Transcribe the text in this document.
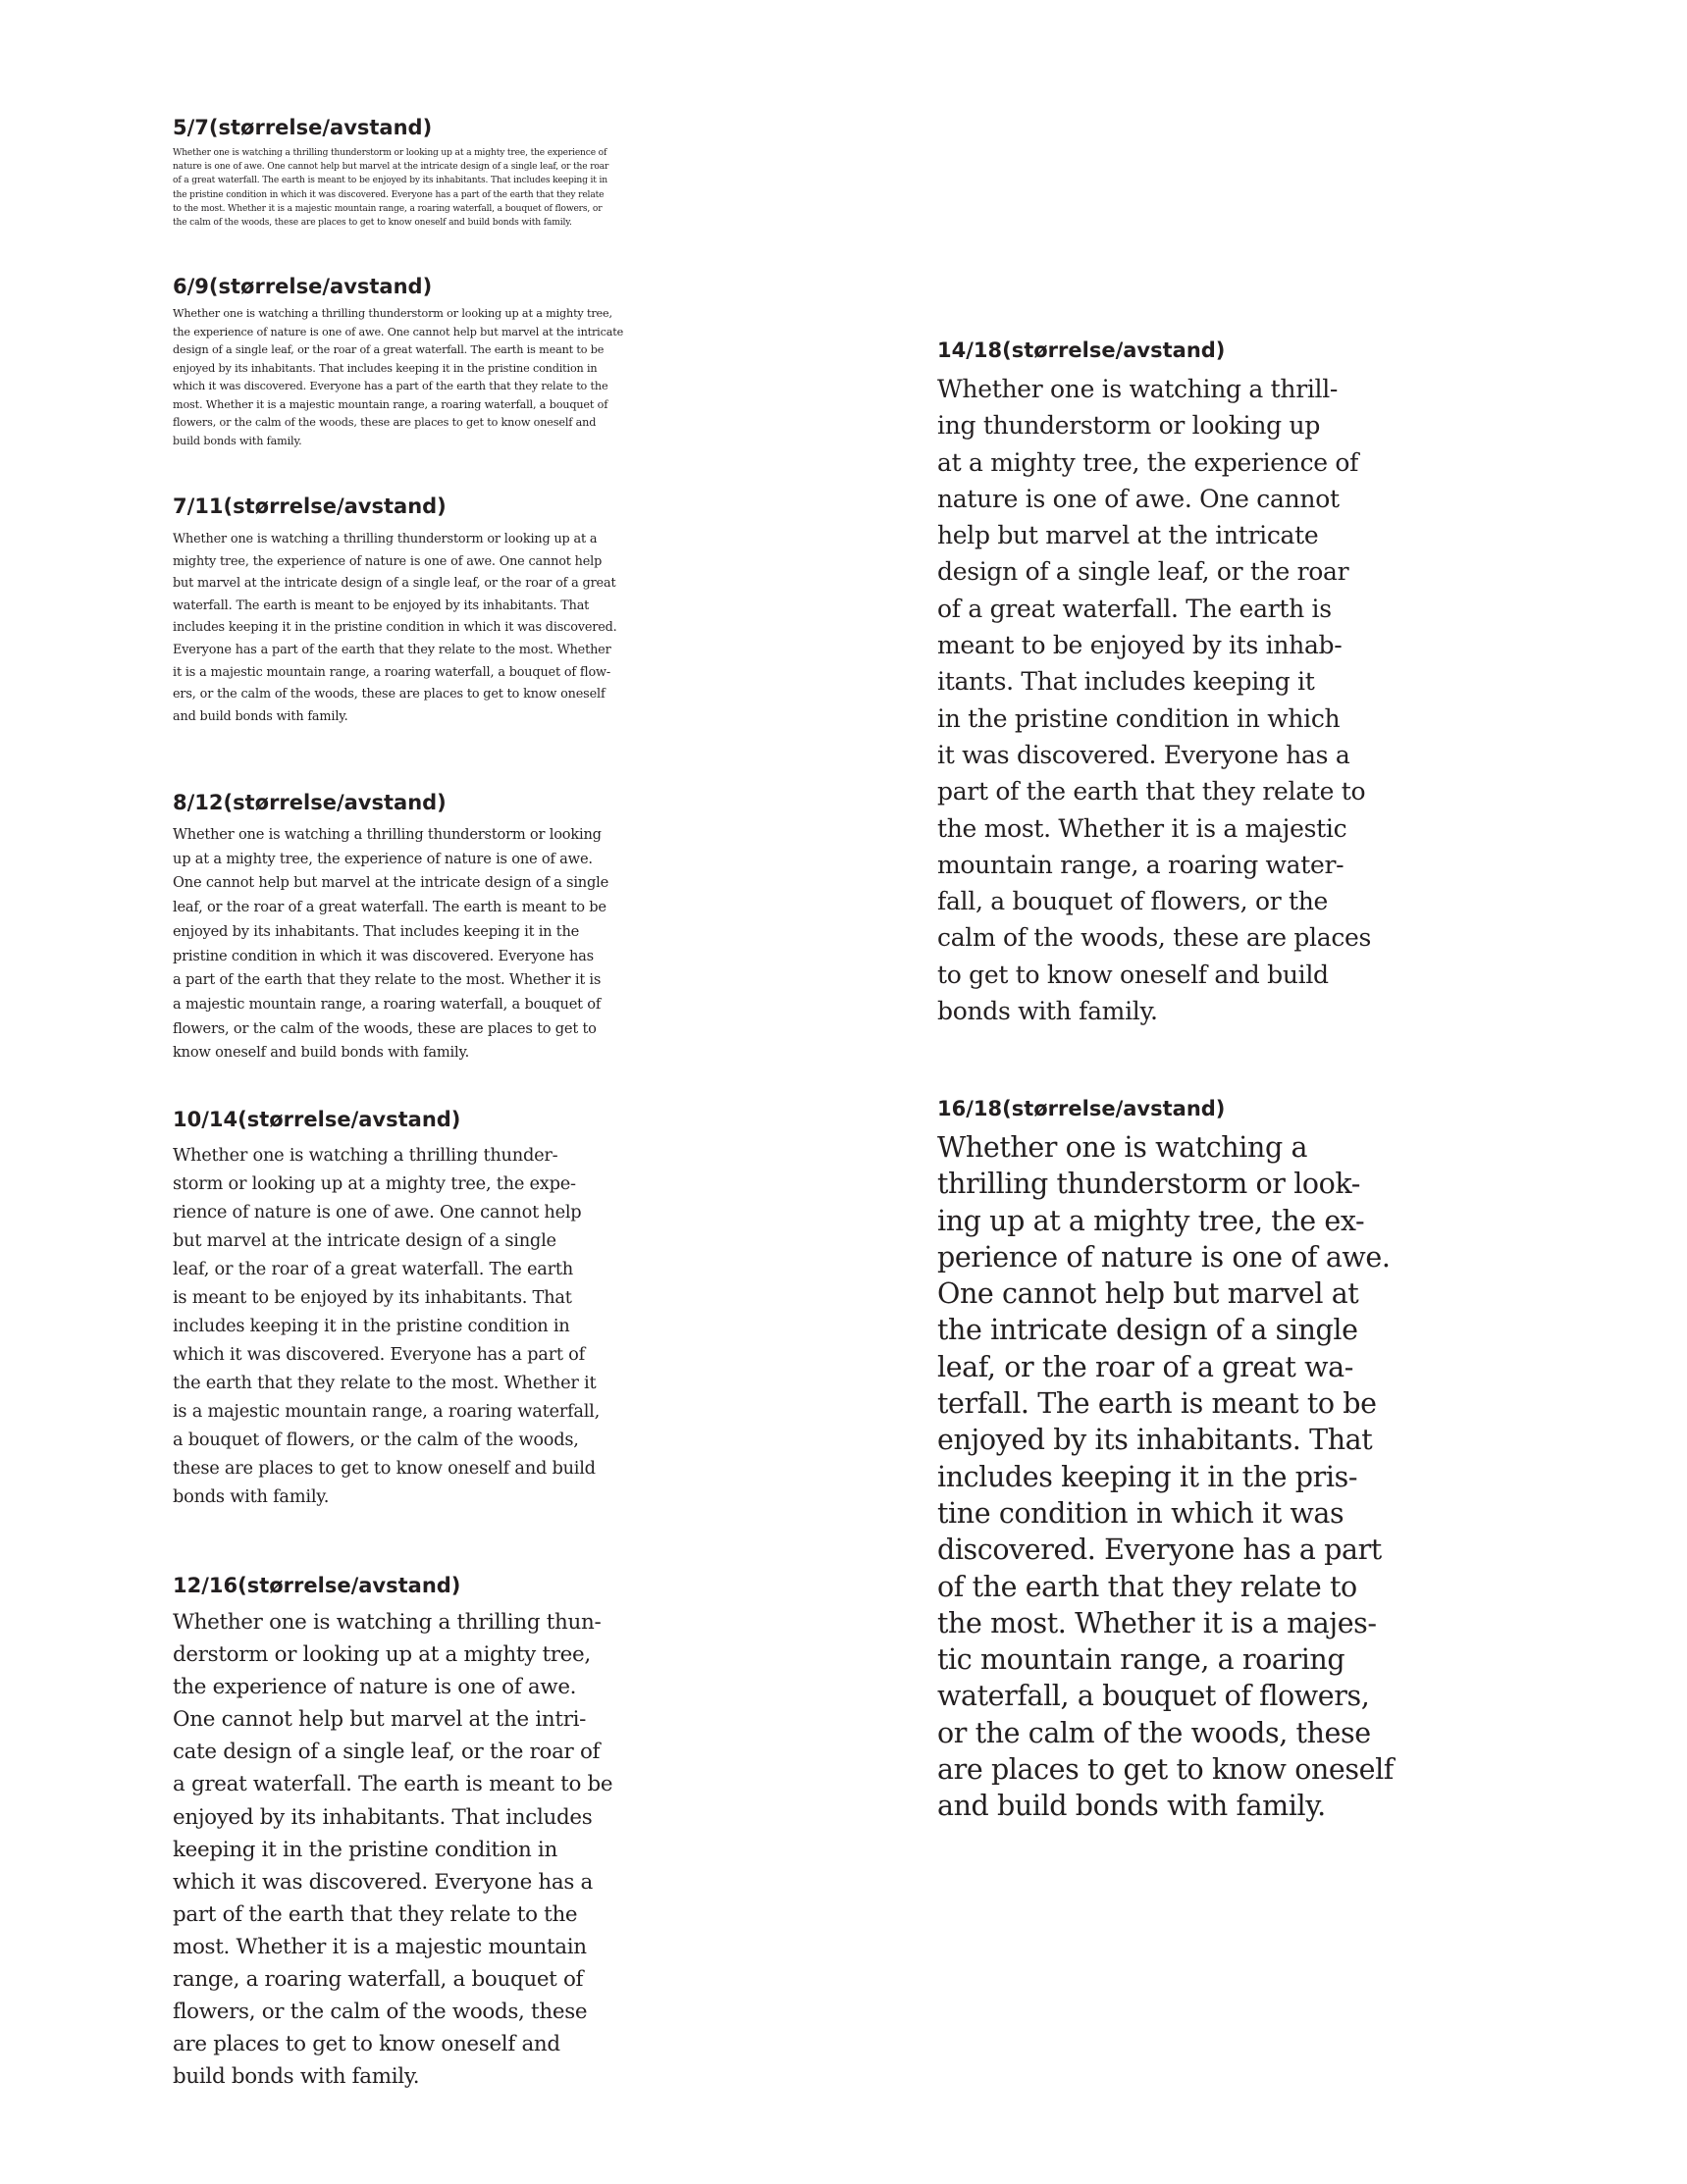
5/7(størrelse/avstand)

Whether one is watching a thrilling thunderstorm or looking up at a mighty tree, the experience of
nature is one of awe. One cannot help but marvel at the intricate design of a single leaf, or the roar
of a great waterfall. The earth is meant to be enjoyed by its inhabitants. That includes keeping it in
the pristine condition in which it was discovered. Everyone has a part of the earth that they relate
to the most. Whether it is a majestic mountain range, a roaring waterfall, a bouquet of flowers, or
the calm of the woods, these are places to get to know oneself and build bonds with family.

6/9(størrelse/avstand)

Whether one is watching a thrilling thunderstorm or looking up at a mighty tree,
the experience of nature is one of awe. One cannot help but marvel at the intricate
design of a single leaf, or the roar of a great waterfall. The earth is meant to be
enjoyed by its inhabitants. That includes keeping it in the pristine condition in
which it was discovered. Everyone has a part of the earth that they relate to the
most. Whether it is a majestic mountain range, a roaring waterfall, a bouquet of
flowers, or the calm of the woods, these are places to get to know oneself and
build bonds with family.

7/11(størrelse/avstand)

Whether one is watching a thrilling thunderstorm or looking up at a
mighty tree, the experience of nature is one of awe. One cannot help
but marvel at the intricate design of a single leaf, or the roar of a great
waterfall. The earth is meant to be enjoyed by its inhabitants. That
includes keeping it in the pristine condition in which it was discovered.
Everyone has a part of the earth that they relate to the most. Whether
it is a majestic mountain range, a roaring waterfall, a bouquet of flow-
ers, or the calm of the woods, these are places to get to know oneself
and build bonds with family.

8/12(størrelse/avstand)

Whether one is watching a thrilling thunderstorm or looking
up at a mighty tree, the experience of nature is one of awe.
One cannot help but marvel at the intricate design of a single
leaf, or the roar of a great waterfall. The earth is meant to be
enjoyed by its inhabitants. That includes keeping it in the
pristine condition in which it was discovered. Everyone has
a part of the earth that they relate to the most. Whether it is
a majestic mountain range, a roaring waterfall, a bouquet of
flowers, or the calm of the woods, these are places to get to
know oneself and build bonds with family.

10/14(størrelse/avstand)

Whether one is watching a thrilling thunder-
storm or looking up at a mighty tree, the expe-
rience of nature is one of awe. One cannot help
but marvel at the intricate design of a single
leaf, or the roar of a great waterfall. The earth
is meant to be enjoyed by its inhabitants. That
includes keeping it in the pristine condition in
which it was discovered. Everyone has a part of
the earth that they relate to the most. Whether it
is a majestic mountain range, a roaring waterfall,
a bouquet of flowers, or the calm of the woods,
these are places to get to know oneself and build
bonds with family.

12/16(størrelse/avstand)

Whether one is watching a thrilling thun-
derstorm or looking up at a mighty tree,
the experience of nature is one of awe.
One cannot help but marvel at the intri-
cate design of a single leaf, or the roar of
a great waterfall. The earth is meant to be
enjoyed by its inhabitants. That includes
keeping it in the pristine condition in
which it was discovered. Everyone has a
part of the earth that they relate to the
most. Whether it is a majestic mountain
range, a roaring waterfall, a bouquet of
flowers, or the calm of the woods, these
are places to get to know oneself and
build bonds with family.

14/18(størrelse/avstand)

Whether one is watching a thrill-
ing thunderstorm or looking up
at a mighty tree, the experience of
nature is one of awe. One cannot
help but marvel at the intricate
design of a single leaf, or the roar
of a great waterfall. The earth is
meant to be enjoyed by its inhab-
itants. That includes keeping it
in the pristine condition in which
it was discovered. Everyone has a
part of the earth that they relate to
the most. Whether it is a majestic
mountain range, a roaring water-
fall, a bouquet of flowers, or the
calm of the woods, these are places
to get to know oneself and build
bonds with family.

16/18(størrelse/avstand)

Whether one is watching a
thrilling thunderstorm or look-
ing up at a mighty tree, the ex-
perience of nature is one of awe.
One cannot help but marvel at
the intricate design of a single
leaf, or the roar of a great wa-
terfall. The earth is meant to be
enjoyed by its inhabitants. That
includes keeping it in the pris-
tine condition in which it was
discovered. Everyone has a part
of the earth that they relate to
the most. Whether it is a majes-
tic mountain range, a roaring
waterfall, a bouquet of flowers,
or the calm of the woods, these
are places to get to know oneself
and build bonds with family.
